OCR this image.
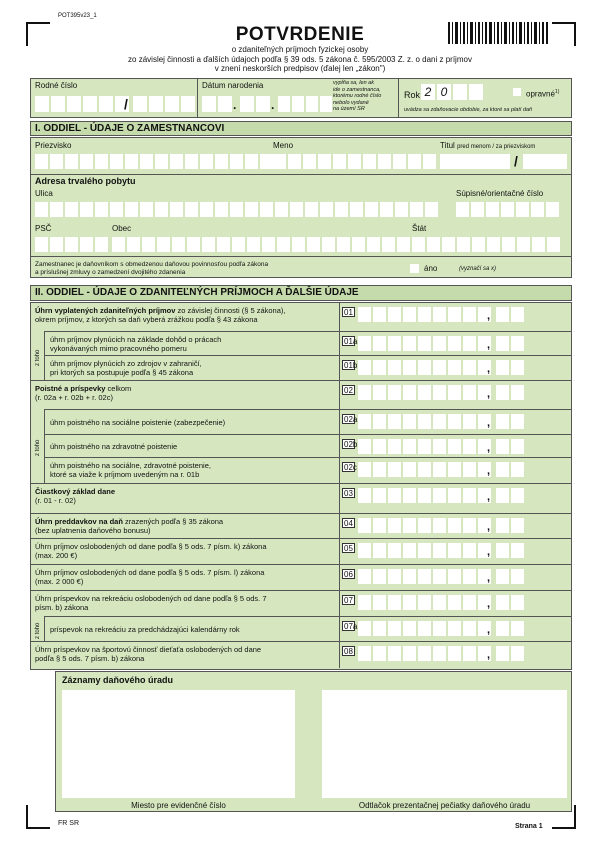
POT395v23_1
POTVRDENIE
o zdaniteľných príjmoch fyzickej osoby
zo závislej činnosti a ďalších údajoch podľa § 39 ods. 5 zákona č. 595/2003 Z. z. o dani z príjmov
v znení neskorších predpisov (ďalej len „zákon")
Rodné číslo
/
Dátum narodenia
.	.
vypĺňa sa, len ak
ide o zamestnanca,
ktorému rodné číslo
nebolo vydané
na území SR
Rok 2 0	opravné$^{1)}$
uvádza sa zdaňovacie obdobie, za ktoré sa platí daň
I. ODDIEL - ÚDAJE O ZAMESTNANCOVI
Priezvisko	Meno	Titul pred menom / za priezviskom
/
Adresa trvalého pobytu
Ulica	Súpisné/orientačné číslo
PSČ	Obec	Štát
Zamestnanec je daňovníkom s obmedzenou daňovou povinnosťou podľa zákona
a príslušnej zmluvy o zamedzení dvojitého zdanenia	áno	(vyznačí sa x)
II. ODDIEL - ÚDAJE O ZDANITEĽNÝCH PRÍJMOCH A ĎALŠIE ÚDAJE
Úhrn vyplatených zdaniteľných príjmov zo závislej činnosti (§ 5 zákona),
okrem príjmov, z ktorých sa daň vyberá zrážkou podľa § 43 zákona
01	,
úhrn príjmov plynúcich na základe dohôd o prácach
vykonávaných mimo pracovného pomeru
01a	,
úhrn príjmov plynúcich zo zdrojov v zahraničí,
pri ktorých sa postupuje podľa § 45 zákona
01b	,
Poistné a príspevky celkom
(r. 02a + r. 02b + r. 02c)
02	,
úhrn poistného na sociálne poistenie (zabezpečenie)	02a	,
úhrn poistného na zdravotné poistenie	02b	,
úhrn poistného na sociálne, zdravotné poistenie,
ktoré sa viaže k príjmom uvedeným na r. 01b
02c	,
Čiastkový základ dane
(r. 01 - r. 02)
03	,
Úhrn preddavkov na daň zrazených podľa § 35 zákona
(bez uplatnenia daňového bonusu)
04	,
Úhrn príjmov oslobodených od dane podľa § 5 ods. 7 písm. k) zákona
(max. 200 €)
05	,
Úhrn príjmov oslobodených od dane podľa § 5 ods. 7 písm. l) zákona
(max. 2 000 €)
06	,
Úhrn príspevkov na rekreáciu oslobodených od dane podľa § 5 ods. 7
písm. b) zákona
07	,
príspevok na rekreáciu za predchádzajúci kalendárny rok	07a	,
Úhrn príspevkov na športovú činnosť dieťaťa oslobodených od dane
podľa § 5 ods. 7 písm. b) zákona
08	,
z toho
z toho
z toho
Záznamy daňového úradu
Miesto pre evidenčné číslo	Odtlačok prezentačnej pečiatky daňového úradu
FR SR	Strana 1
